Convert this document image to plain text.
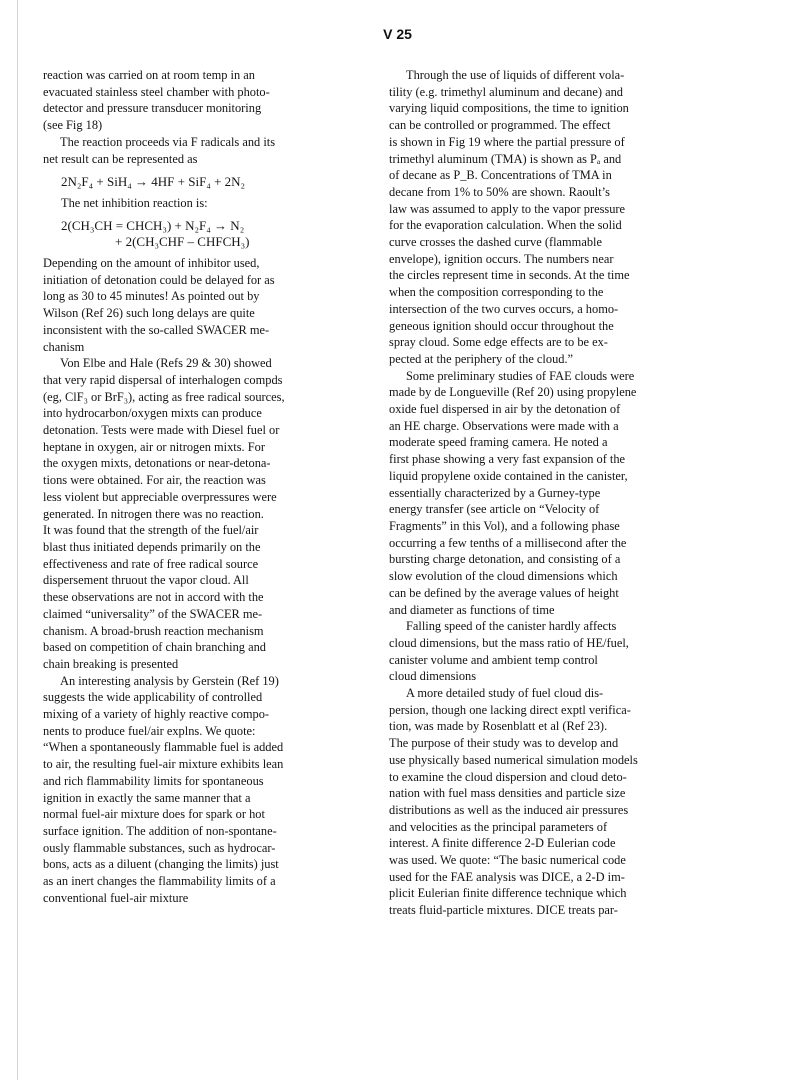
V 25
reaction was carried on at room temp in an
evacuated stainless steel chamber with photo-
detector and pressure transducer monitoring
(see Fig 18)
The reaction proceeds via F radicals and its
net result can be represented as
2N₂F₄ + SiH₄ → 4HF + SiF₄ + 2N₂
The net inhibition reaction is:
2(CH₃CH = CHCH₃) + N₂F₄ → N₂
+ 2(CH₃CHF – CHFCH₃)
Depending on the amount of inhibitor used,
initiation of detonation could be delayed for as
long as 30 to 45 minutes! As pointed out by
Wilson (Ref 26) such long delays are quite
inconsistent with the so-called SWACER me-
chanism
Von Elbe and Hale (Refs 29 & 30) showed
that very rapid dispersal of interhalogen compds
(eg, ClF₃ or BrF₃), acting as free radical sources,
into hydrocarbon/oxygen mixts can produce
detonation. Tests were made with Diesel fuel or
heptane in oxygen, air or nitrogen mixts. For
the oxygen mixts, detonations or near-detona-
tions were obtained. For air, the reaction was
less violent but appreciable overpressures were
generated. In nitrogen there was no reaction.
It was found that the strength of the fuel/air
blast thus initiated depends primarily on the
effectiveness and rate of free radical source
dispersement thruout the vapor cloud. All
these observations are not in accord with the
claimed “universality” of the SWACER me-
chanism. A broad-brush reaction mechanism
based on competition of chain branching and
chain breaking is presented
An interesting analysis by Gerstein (Ref 19)
suggests the wide applicability of controlled
mixing of a variety of highly reactive compo-
nents to produce fuel/air explns. We quote:
“When a spontaneously flammable fuel is added
to air, the resulting fuel-air mixture exhibits lean
and rich flammability limits for spontaneous
ignition in exactly the same manner that a
normal fuel-air mixture does for spark or hot
surface ignition. The addition of non-spontane-
ously flammable substances, such as hydrocar-
bons, acts as a diluent (changing the limits) just
as an inert changes the flammability limits of a
conventional fuel-air mixture
Through the use of liquids of different vola-
tility (e.g. trimethyl aluminum and decane) and
varying liquid compositions, the time to ignition
can be controlled or programmed. The effect
is shown in Fig 19 where the partial pressure of
trimethyl aluminum (TMA) is shown as Pₐ and
of decane as P_B. Concentrations of TMA in
decane from 1% to 50% are shown. Raoult’s
law was assumed to apply to the vapor pressure
for the evaporation calculation. When the solid
curve crosses the dashed curve (flammable
envelope), ignition occurs. The numbers near
the circles represent time in seconds. At the time
when the composition corresponding to the
intersection of the two curves occurs, a homo-
geneous ignition should occur throughout the
spray cloud. Some edge effects are to be ex-
pected at the periphery of the cloud.”
Some preliminary studies of FAE clouds were
made by de Longueville (Ref 20) using propylene
oxide fuel dispersed in air by the detonation of
an HE charge. Observations were made with a
moderate speed framing camera. He noted a
first phase showing a very fast expansion of the
liquid propylene oxide contained in the canister,
essentially characterized by a Gurney-type
energy transfer (see article on “Velocity of
Fragments” in this Vol), and a following phase
occurring a few tenths of a millisecond after the
bursting charge detonation, and consisting of a
slow evolution of the cloud dimensions which
can be defined by the average values of height
and diameter as functions of time
Falling speed of the canister hardly affects
cloud dimensions, but the mass ratio of HE/fuel,
canister volume and ambient temp control
cloud dimensions
A more detailed study of fuel cloud dis-
persion, though one lacking direct exptl verifica-
tion, was made by Rosenblatt et al (Ref 23).
The purpose of their study was to develop and
use physically based numerical simulation models
to examine the cloud dispersion and cloud deto-
nation with fuel mass densities and particle size
distributions as well as the induced air pressures
and velocities as the principal parameters of
interest. A finite difference 2-D Eulerian code
was used. We quote: “The basic numerical code
used for the FAE analysis was DICE, a 2-D im-
plicit Eulerian finite difference technique which
treats fluid-particle mixtures. DICE treats par-
